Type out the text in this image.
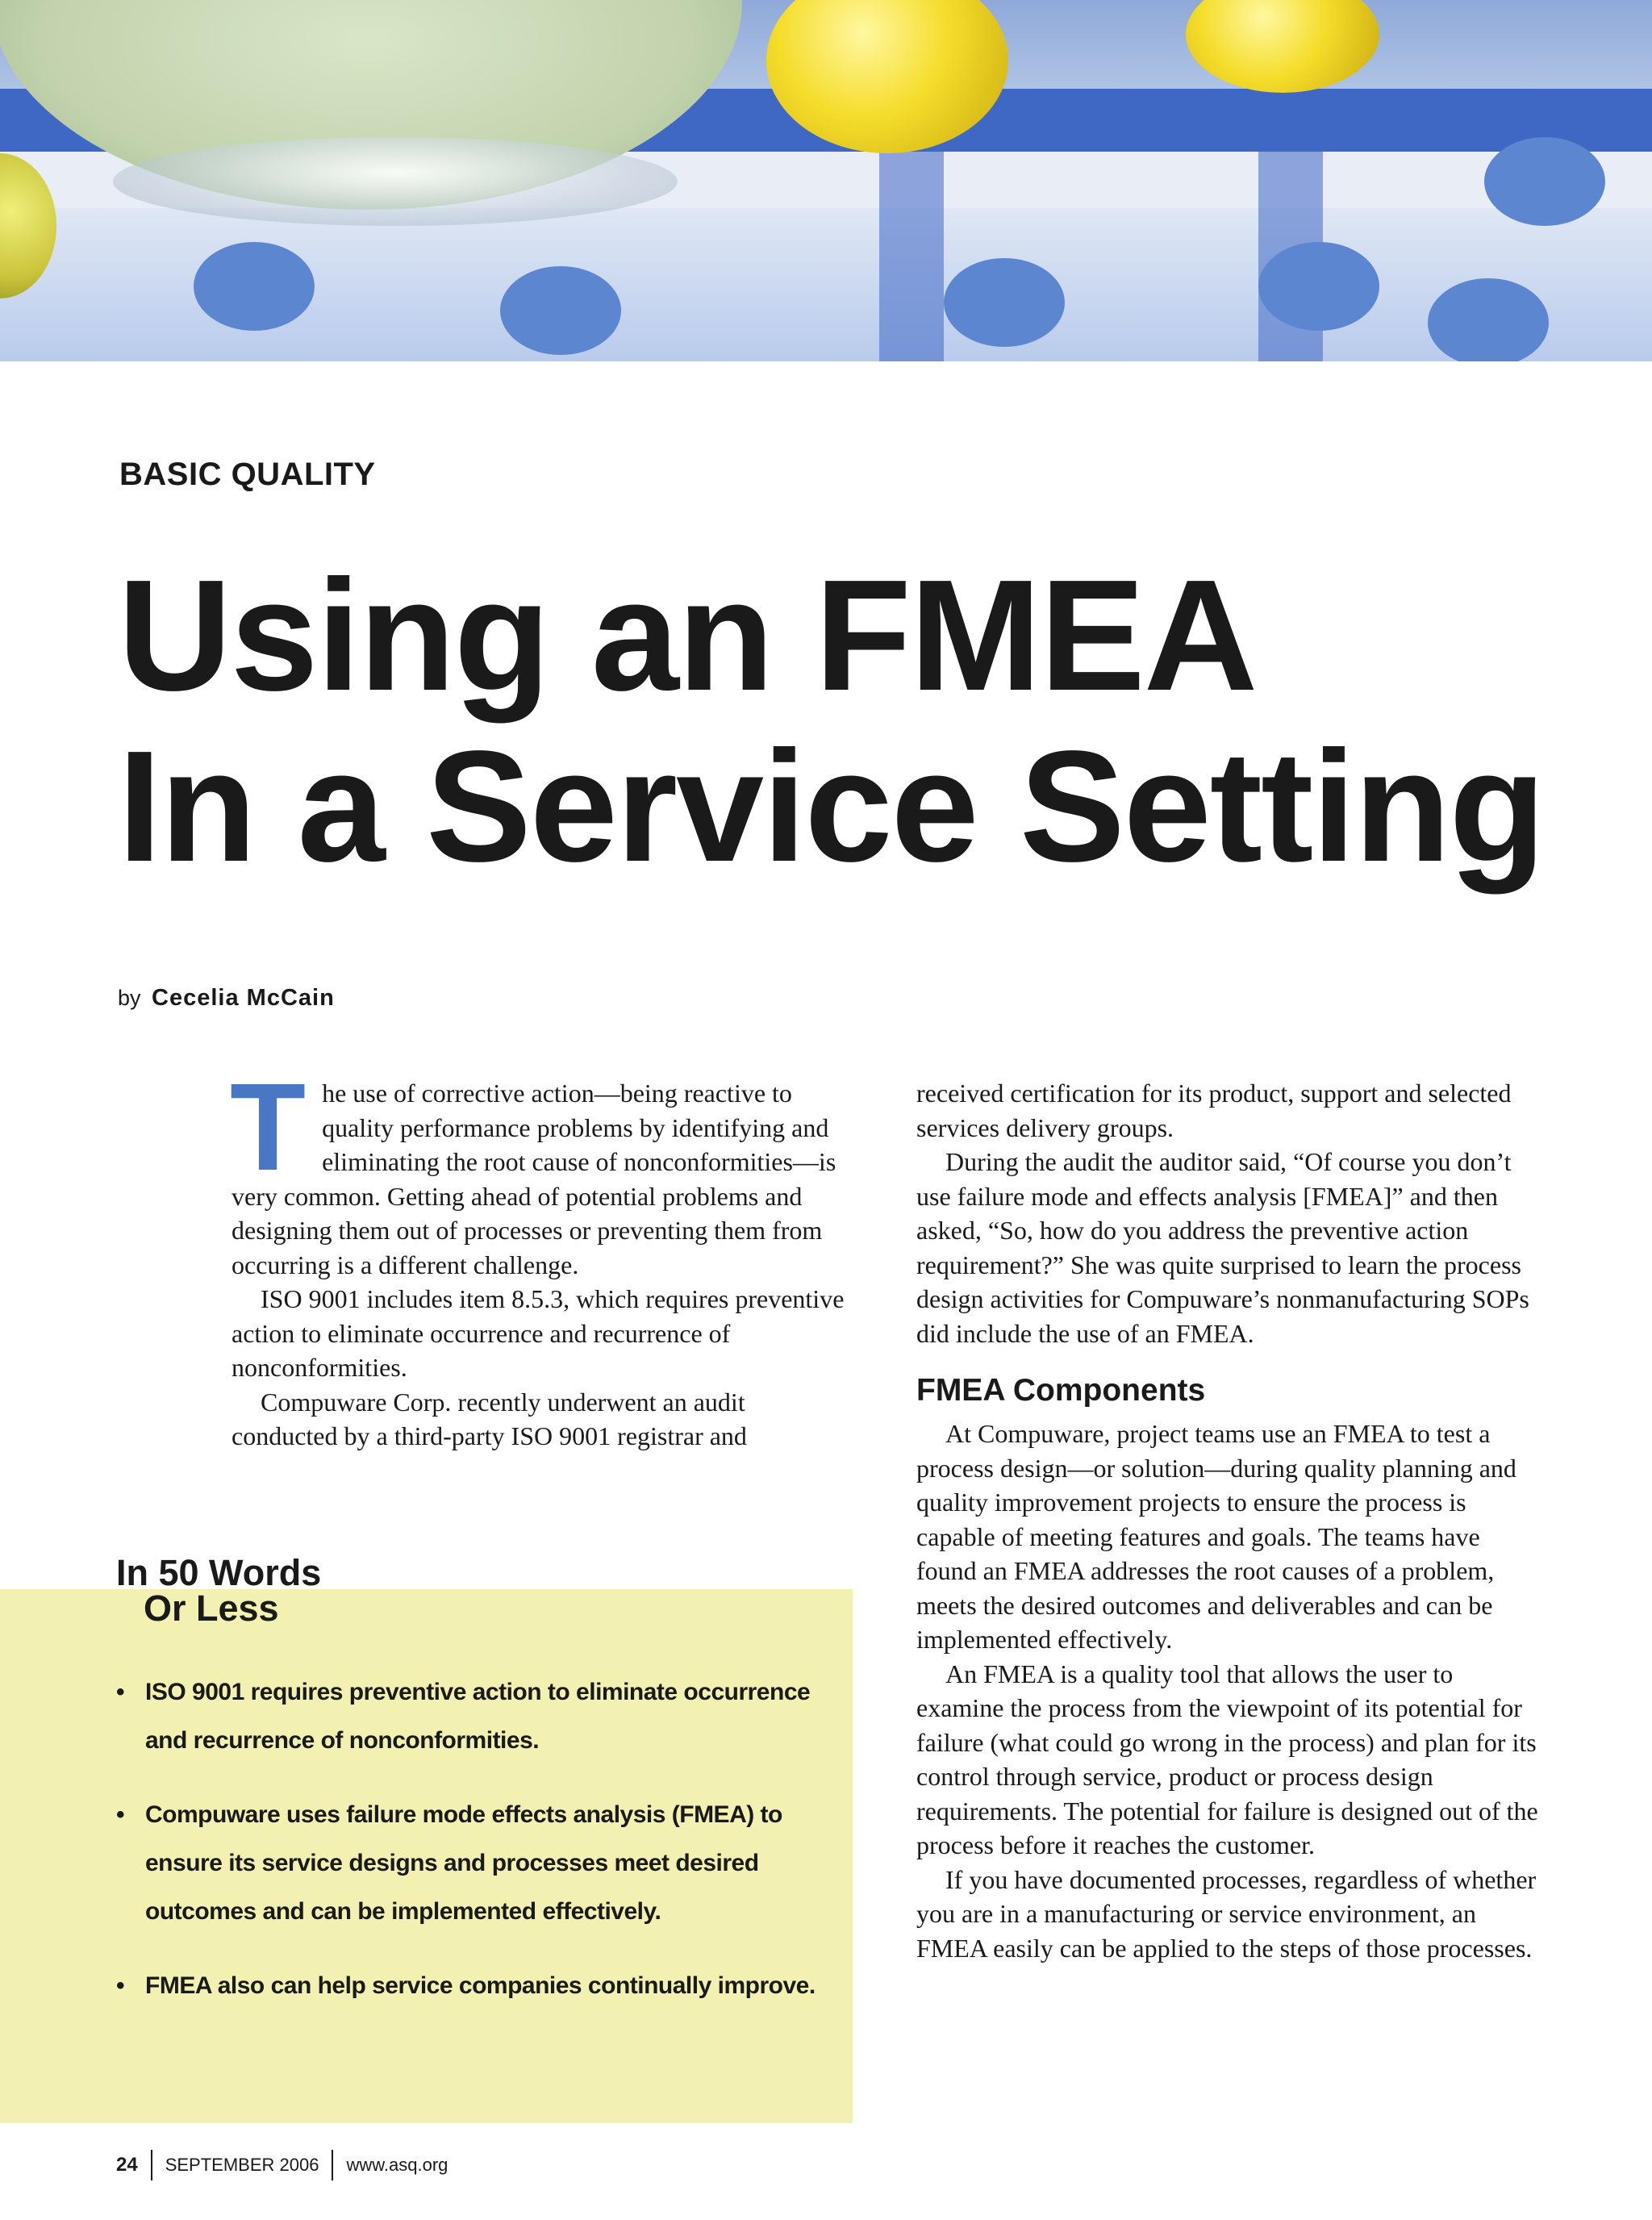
BASIC QUALITY
Using an FMEA
In a Service Setting
by Cecelia McCain
T he use of corrective action—being reactive to quality performance problems by identifying and eliminating the root cause of nonconformities—is very common. Getting ahead of potential problems and designing them out of processes or preventing them from occurring is a different challenge.

ISO 9001 includes item 8.5.3, which requires preventive action to eliminate occurrence and recurrence of nonconformities.

Compuware Corp. recently underwent an audit conducted by a third-party ISO 9001 registrar and

received certification for its product, support and selected services delivery groups.

During the audit the auditor said, “Of course you don’t use failure mode and effects analysis [FMEA]” and then asked, “So, how do you address the preventive action requirement?” She was quite surprised to learn the process design activities for Compuware’s nonmanufacturing SOPs did include the use of an FMEA.

FMEA Components

At Compuware, project teams use an FMEA to test a process design—or solution—during quality planning and quality improvement projects to ensure the process is capable of meeting features and goals. The teams have found an FMEA addresses the root causes of a problem, meets the desired outcomes and deliverables and can be implemented effectively.

An FMEA is a quality tool that allows the user to examine the process from the viewpoint of its potential for failure (what could go wrong in the process) and plan for its control through service, product or process design requirements. The potential for failure is designed out of the process before it reaches the customer.

If you have documented processes, regardless of whether you are in a manufacturing or service environment, an FMEA easily can be applied to the steps of those processes.

In 50 Words
Or Less
• ISO 9001 requires preventive action to eliminate occurrence and recurrence of nonconformities.
• Compuware uses failure mode effects analysis (FMEA) to ensure its service designs and processes meet desired outcomes and can be implemented effectively.
• FMEA also can help service companies continually improve.
24 SEPTEMBER 2006 www.asq.org
